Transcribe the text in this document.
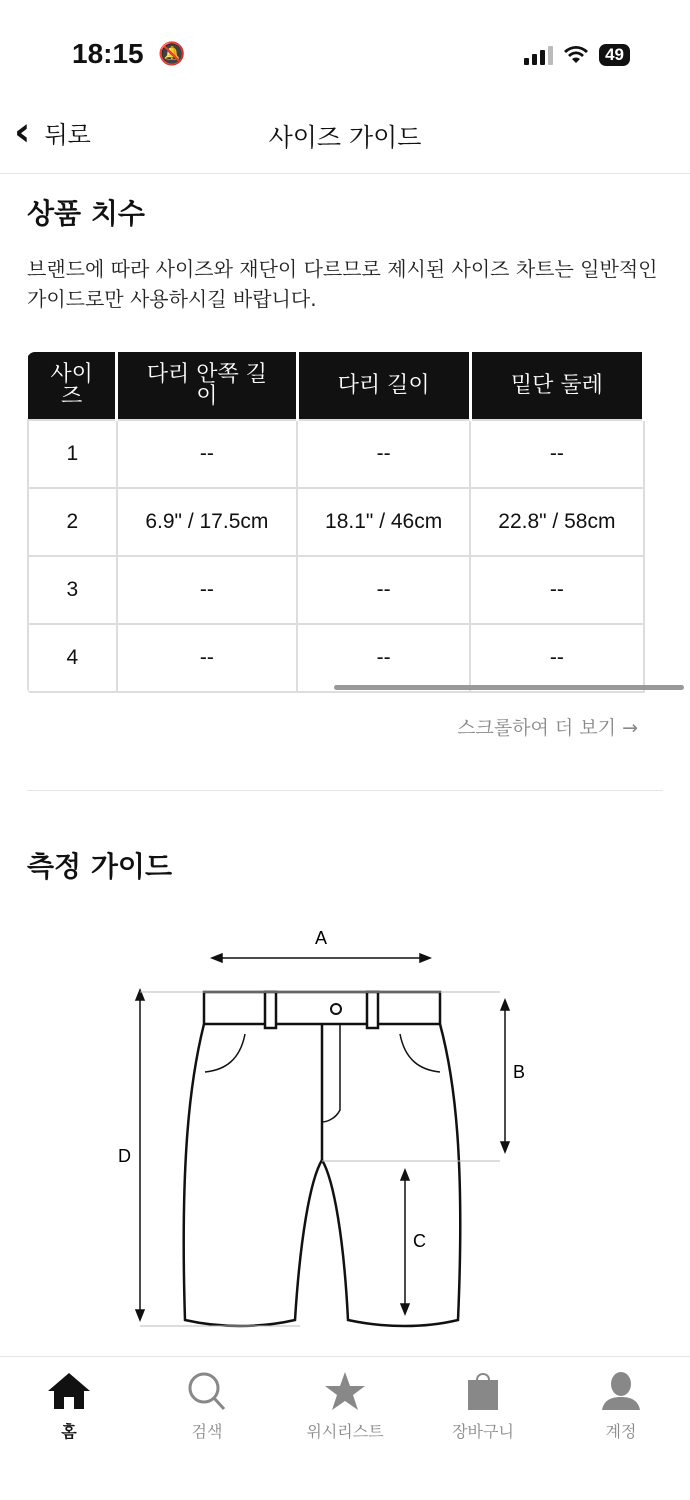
18:15 🔕	49
‹ 뒤로	사이즈 가이드
상품 치수

브랜드에 따라 사이즈와 재단이 다르므로 제시된 사이즈 차트는 일반적인 가이드로만 사용하시길 바랍니다.

사이즈	다리 안쪽 길이	다리 길이	밑단 둘레
1	--	--	--
2	6.9" / 17.5cm	18.1" / 46cm	22.8" / 58cm
3	--	--	--
4	--	--	--
스크롤하여 더 보기 →
측정 가이드
A
B
C
D
홈	검색	위시리스트	장바구니	계정
